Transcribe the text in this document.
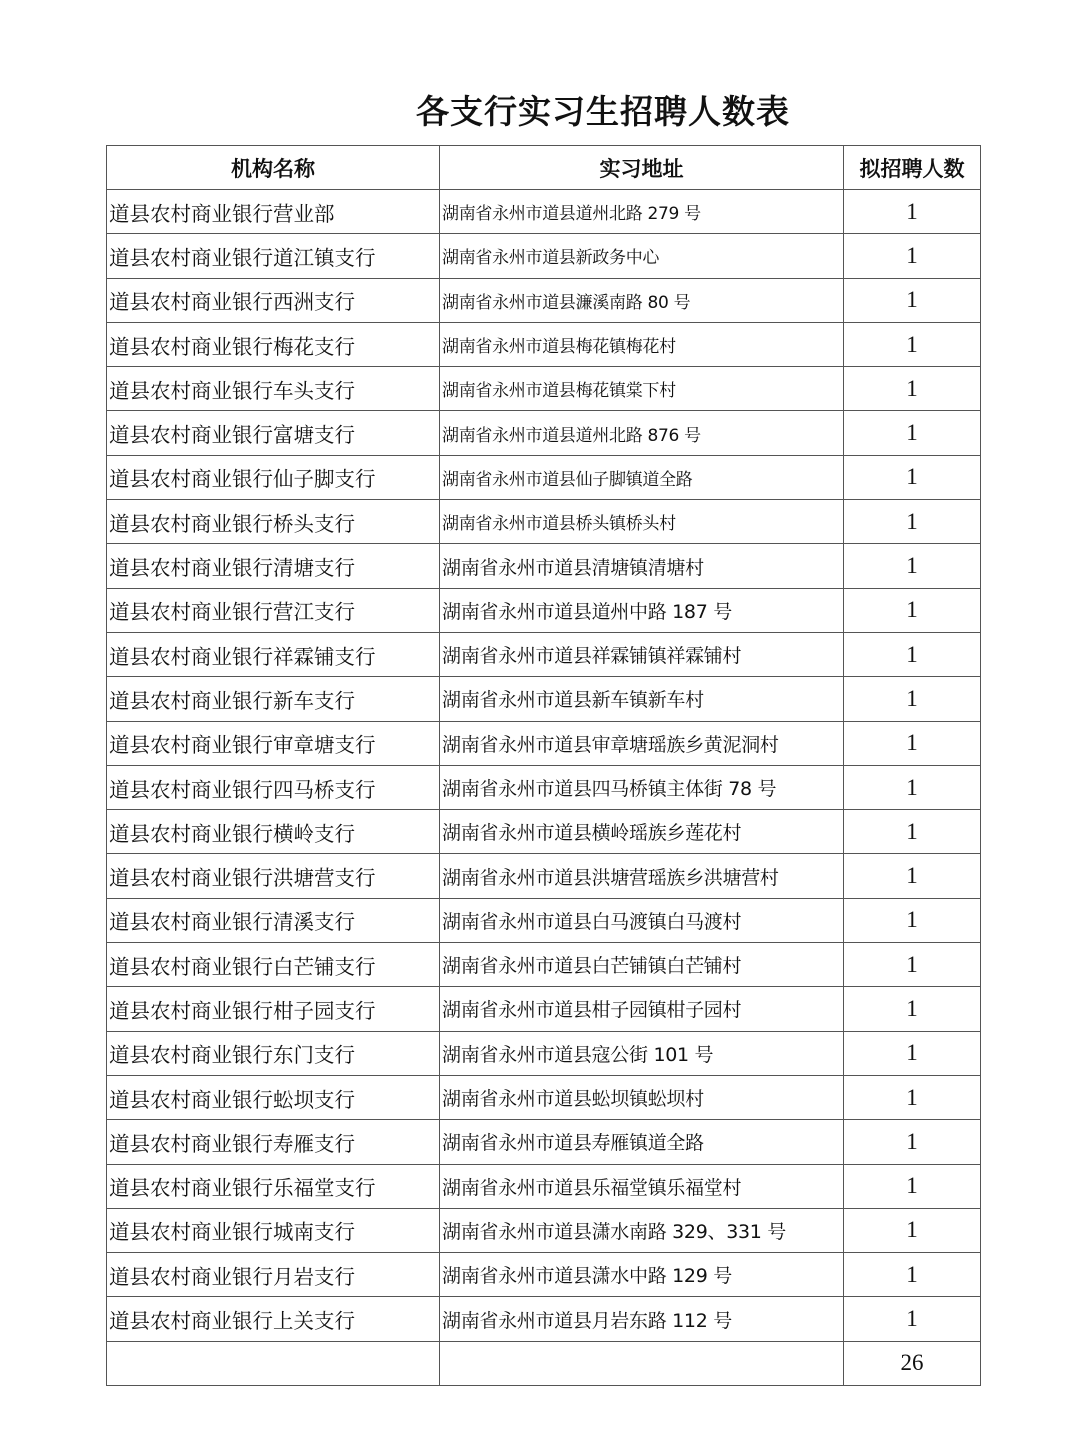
各支行实习生招聘人数表
机构名称	实习地址	拟招聘人数
道县农村商业银行营业部	湖南省永州市道县道州北路 279 号	1
道县农村商业银行道江镇支行	湖南省永州市道县新政务中心	1
道县农村商业银行西洲支行	湖南省永州市道县濂溪南路 80 号	1
道县农村商业银行梅花支行	湖南省永州市道县梅花镇梅花村	1
道县农村商业银行车头支行	湖南省永州市道县梅花镇棠下村	1
道县农村商业银行富塘支行	湖南省永州市道县道州北路 876 号	1
道县农村商业银行仙子脚支行	湖南省永州市道县仙子脚镇道全路	1
道县农村商业银行桥头支行	湖南省永州市道县桥头镇桥头村	1
道县农村商业银行清塘支行	湖南省永州市道县清塘镇清塘村	1
道县农村商业银行营江支行	湖南省永州市道县道州中路 187 号	1
道县农村商业银行祥霖铺支行	湖南省永州市道县祥霖铺镇祥霖铺村	1
道县农村商业银行新车支行	湖南省永州市道县新车镇新车村	1
道县农村商业银行审章塘支行	湖南省永州市道县审章塘瑶族乡黄泥洞村	1
道县农村商业银行四马桥支行	湖南省永州市道县四马桥镇主体街 78 号	1
道县农村商业银行横岭支行	湖南省永州市道县横岭瑶族乡莲花村	1
道县农村商业银行洪塘营支行	湖南省永州市道县洪塘营瑶族乡洪塘营村	1
道县农村商业银行清溪支行	湖南省永州市道县白马渡镇白马渡村	1
道县农村商业银行白芒铺支行	湖南省永州市道县白芒铺镇白芒铺村	1
道县农村商业银行柑子园支行	湖南省永州市道县柑子园镇柑子园村	1
道县农村商业银行东门支行	湖南省永州市道县寇公街 101 号	1
道县农村商业银行蚣坝支行	湖南省永州市道县蚣坝镇蚣坝村	1
道县农村商业银行寿雁支行	湖南省永州市道县寿雁镇道全路	1
道县农村商业银行乐福堂支行	湖南省永州市道县乐福堂镇乐福堂村	1
道县农村商业银行城南支行	湖南省永州市道县潇水南路 329、331 号	1
道县农村商业银行月岩支行	湖南省永州市道县潇水中路 129 号	1
道县农村商业银行上关支行	湖南省永州市道县月岩东路 112 号	1
		26
